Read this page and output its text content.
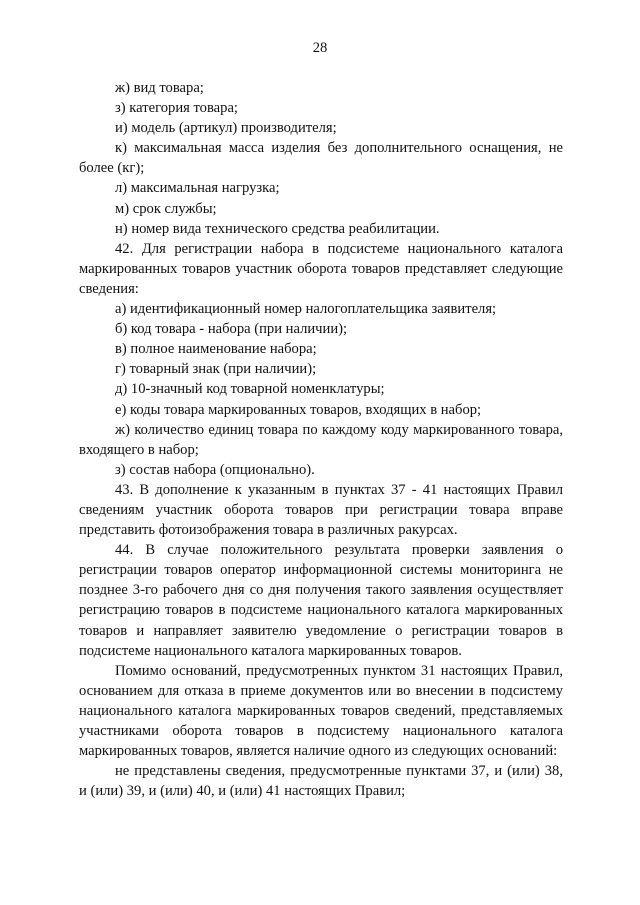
28

ж) вид товара;

з) категория товара;

и) модель (артикул) производителя;

к) максимальная масса изделия без дополнительного оснащения, не более (кг);

л) максимальная нагрузка;

м) срок службы;

н) номер вида технического средства реабилитации.

42. Для регистрации набора в подсистеме национального каталога маркированных товаров участник оборота товаров представляет следующие сведения:

а) идентификационный номер налогоплательщика заявителя;

б) код товара - набора (при наличии);

в) полное наименование набора;

г) товарный знак (при наличии);

д) 10-значный код товарной номенклатуры;

е) коды товара маркированных товаров, входящих в набор;

ж) количество единиц товара по каждому коду маркированного товара, входящего в набор;

з) состав набора (опционально).

43. В дополнение к указанным в пунктах 37 - 41 настоящих Правил сведениям участник оборота товаров при регистрации товара вправе представить фотоизображения товара в различных ракурсах.

44. В случае положительного результата проверки заявления о регистрации товаров оператор информационной системы мониторинга не позднее 3-го рабочего дня со дня получения такого заявления осуществляет регистрацию товаров в подсистеме национального каталога маркированных товаров и направляет заявителю уведомление о регистрации товаров в подсистеме национального каталога маркированных товаров.

Помимо оснований, предусмотренных пунктом 31 настоящих Правил, основанием для отказа в приеме документов или во внесении в подсистему национального каталога маркированных товаров сведений, представляемых участниками оборота товаров в подсистему национального каталога маркированных товаров, является наличие одного из следующих оснований:

не представлены сведения, предусмотренные пунктами 37, и (или) 38, и (или) 39, и (или) 40, и (или) 41 настоящих Правил;
